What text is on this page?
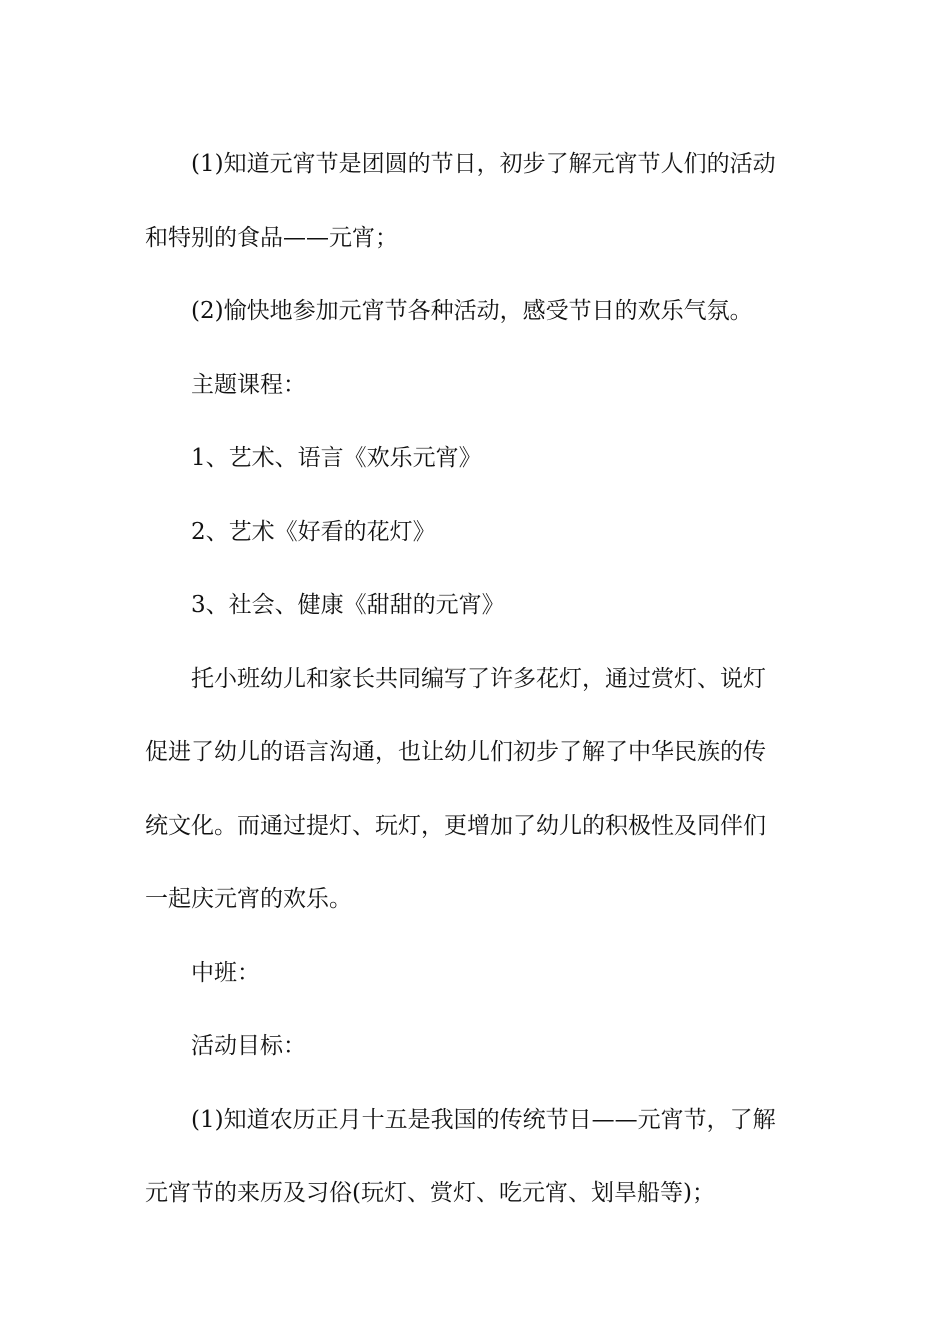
(1)知道元宵节是团圆的节日，初步了解元宵节人们的活动

和特别的食品——元宵；

(2)愉快地参加元宵节各种活动，感受节日的欢乐气氛。

主题课程：

1、艺术、语言《欢乐元宵》

2、艺术《好看的花灯》

3、社会、健康《甜甜的元宵》

托小班幼儿和家长共同编写了许多花灯，通过赏灯、说灯

促进了幼儿的语言沟通，也让幼儿们初步了解了中华民族的传

统文化。而通过提灯、玩灯，更增加了幼儿的积极性及同伴们

一起庆元宵的欢乐。

中班：

活动目标：

(1)知道农历正月十五是我国的传统节日——元宵节，了解

元宵节的来历及习俗(玩灯、赏灯、吃元宵、划旱船等)；
